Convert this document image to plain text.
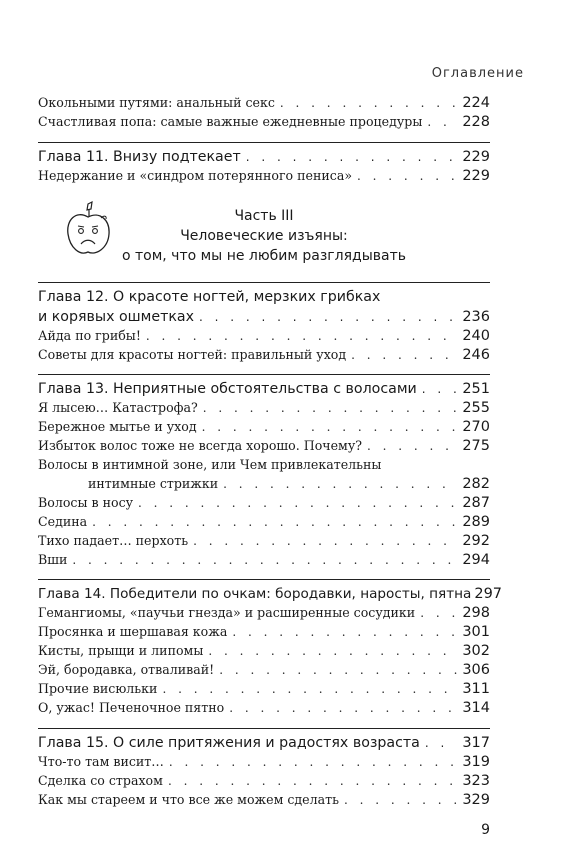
Оглавление
Окольными путями: анальный секс . . .	224
Счастливая попа: самые важные ежедневные процедуры . . .	228
Глава 11. Внизу подтекает . . .	229
Недержание и «синдром потерянного пениса» . . .	229
Часть III
Человеческие изъяны:
о том, что мы не любим разглядывать
Глава 12. О красоте ногтей, мерзких грибках
и корявых ошметках . . .	236
Айда по грибы! . . .	240
Советы для красоты ногтей: правильный уход . . .	246
Глава 13. Неприятные обстоятельства с волосами . . .	251
Я лысею… Катастрофа? . . .	255
Бережное мытье и уход . . .	270
Избыток волос тоже не всегда хорошо. Почему? . . .	275
Волосы в интимной зоне, или Чем привлекательны
интимные стрижки . . .	282
Волосы в носу . . .	287
Седина . . .	289
Тихо падает… перхоть . . .	292
Вши . . .	294
Глава 14. Победители по очкам: бородавки, наросты, пятна . . . 297
Гемангиомы, «паучьи гнезда» и расширенные сосудики . . .	298
Просянка и шершавая кожа . . .	301
Кисты, прыщи и липомы . . .	302
Эй, бородавка, отваливай! . . .	306
Прочие висюльки . . .	311
О, ужас! Печеночное пятно . . .	314
Глава 15. О силе притяжения и радостях возраста . . .	317
Что-то там висит… . . .	319
Сделка со страхом . . .	323
Как мы стареем и что все же можем сделать . . .	329
9
